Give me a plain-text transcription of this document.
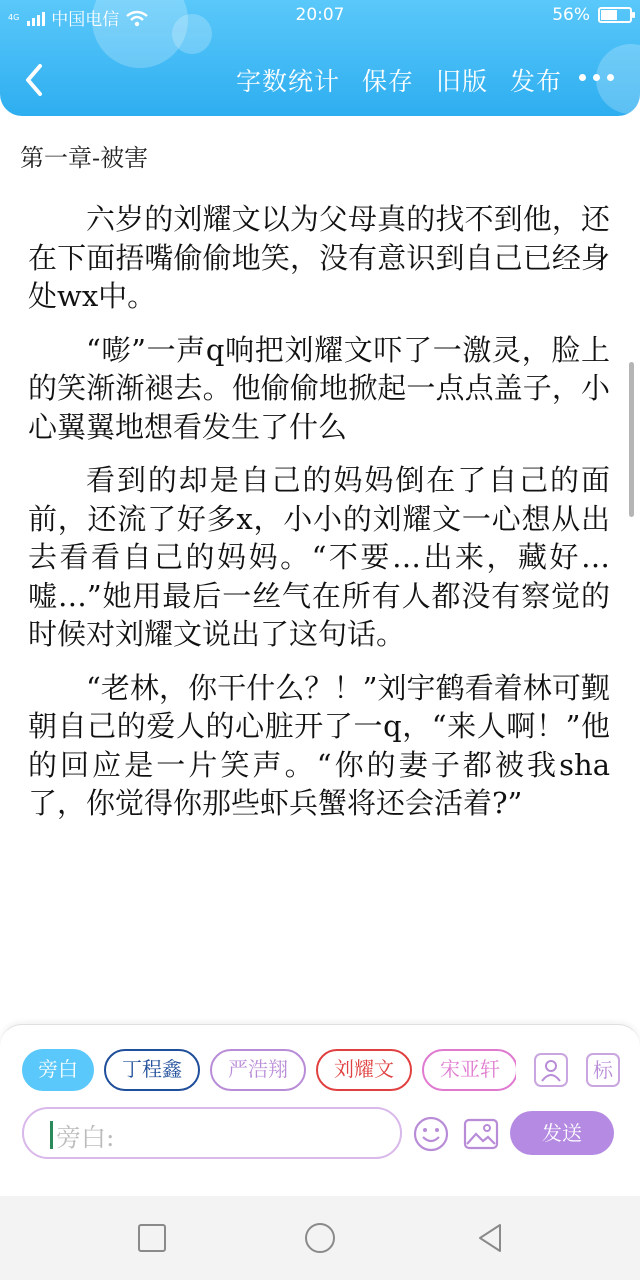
4G 中国电信	20:07	56%
字数统计 保存 旧版 发布
第一章-被害

六岁的刘耀文以为父母真的找不到他，还在下面捂嘴偷偷地笑，没有意识到自己已经身处wx中。

“嘭”一声q响把刘耀文吓了一激灵，脸上的笑渐渐褪去。他偷偷地掀起一点点盖子，小心翼翼地想看发生了什么

看到的却是自己的妈妈倒在了自己的面前，还流了好多x，小小的刘耀文一心想从出去看看自己的妈妈。“不要…出来，藏好…嘘…”她用最后一丝气在所有人都没有察觉的时候对刘耀文说出了这句话。

“老林，你干什么？！”刘宇鹤看着林可觐朝自己的爱人的心脏开了一q，“来人啊！”他的回应是一片笑声。“你的妻子都被我sha了，你觉得你那些虾兵蟹将还会活着?”

旁白 丁程鑫 严浩翔 刘耀文 宋亚轩	标
旁白:	发送
